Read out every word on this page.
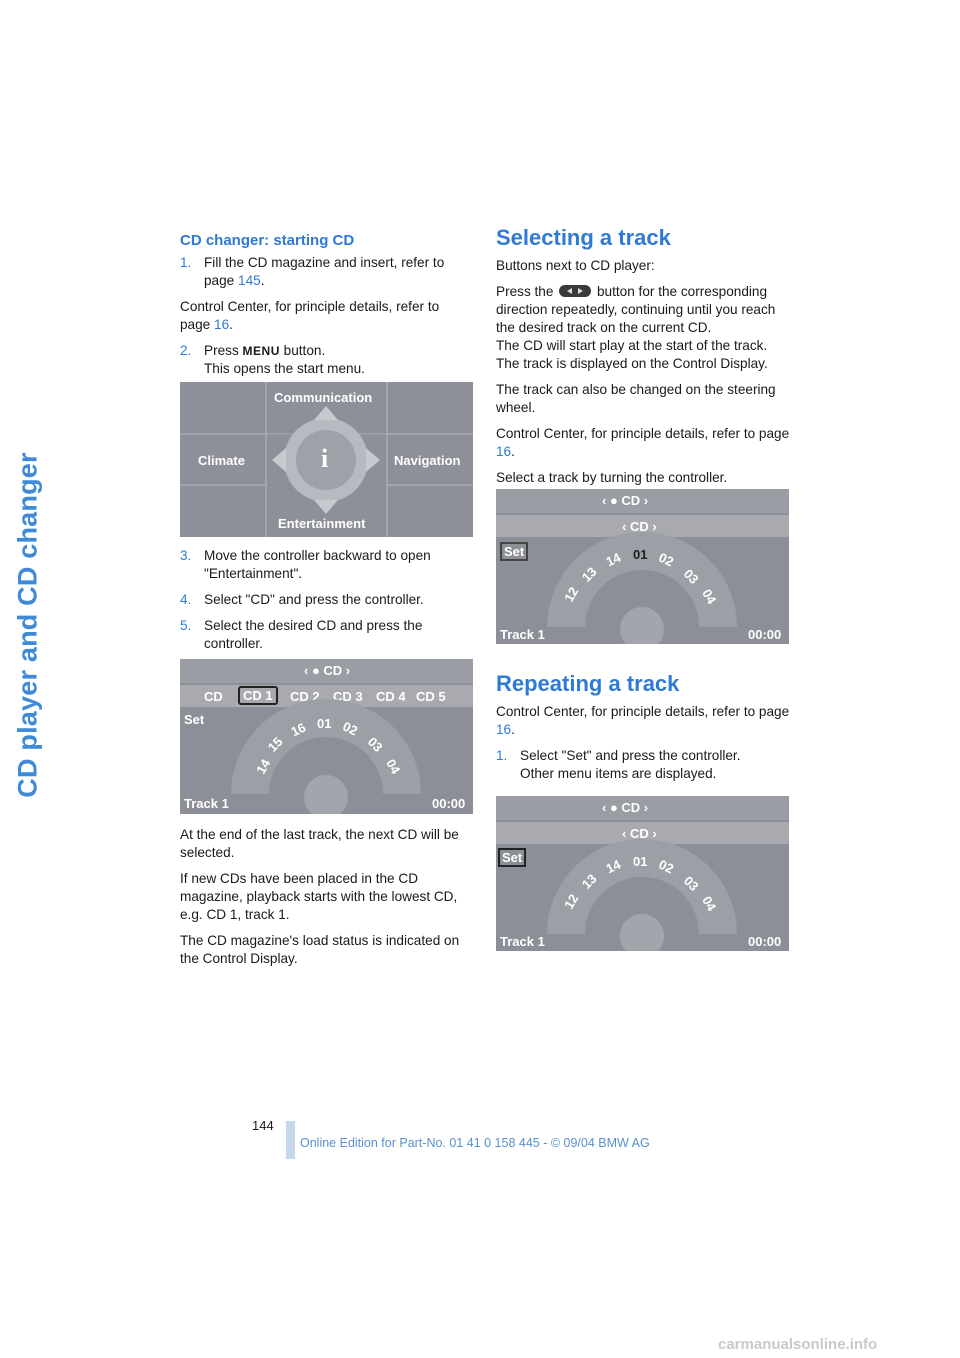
CD player and CD changer
CD changer: starting CD
1. Fill the CD magazine and insert, refer to page 145.

Control Center, for principle details, refer to page 16.

2. Press MENU button.
This opens the start menu.
Communication
Climate	Navigation
Entertainment
i
3. Move the controller backward to open "Entertainment".
4. Select "CD" and press the controller.
5. Select the desired CD and press the controller.
‹ ● CD ›
CD	CD 1	CD 2 CD 3 CD 4 CD 5
Set
14
15
16 01 02
03
04
Track 1	00:00

At the end of the last track, the next CD will be selected.

If new CDs have been placed in the CD magazine, playback starts with the lowest CD, e.g. CD 1, track 1.

The CD magazine's load status is indicated on the Control Display.

Selecting a track

Buttons next to CD player:

Press the	button for the corresponding direction repeatedly, continuing until you reach the desired track on the current CD.

The CD will start play at the start of the track.

The track is displayed on the Control Display.

The track can also be changed on the steering wheel.

Control Center, for principle details, refer to page 16.

Select a track by turning the controller.

‹ ● CD ›
‹ CD ›
Set
12
13
14 01 02
03
04
Track 1	00:00
Repeating a track

Control Center, for principle details, refer to page 16.

1. Select "Set" and press the controller.
Other menu items are displayed.
‹ ● CD ›
‹ CD ›
Set
12
13
14 01 02
03
04
Track 1	00:00
144
Online Edition for Part-No. 01 41 0 158 445 - © 09/04 BMW AG
carmanualsonline.info
